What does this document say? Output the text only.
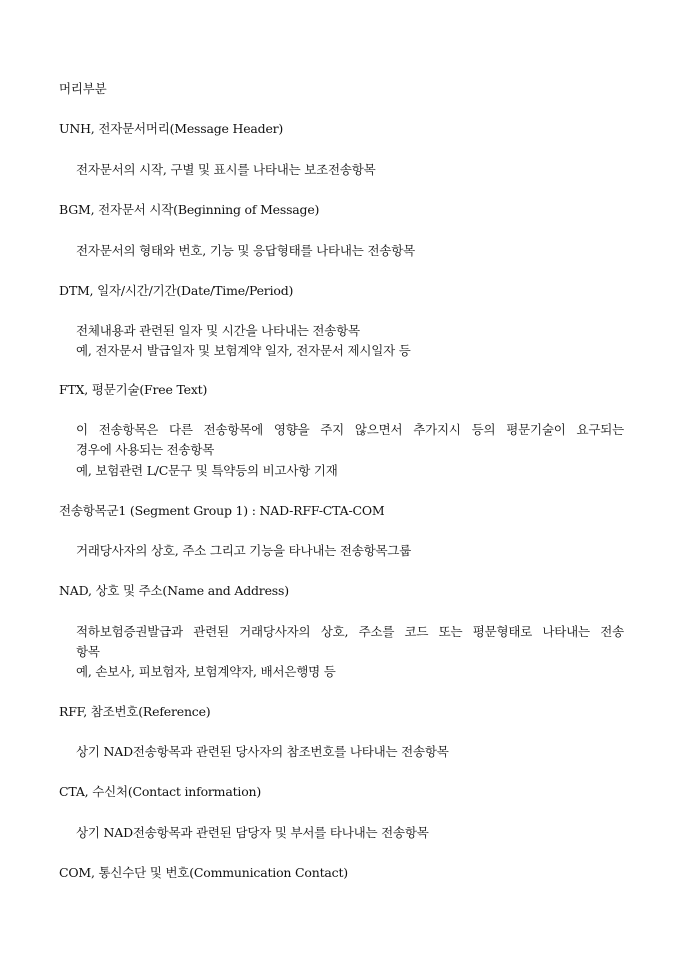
머리부분
UNH, 전자문서머리(Message Header)
전자문서의 시작, 구별 및 표시를 나타내는 보조전송항목
BGM, 전자문서 시작(Beginning of Message)
전자문서의 형태와 번호, 기능 및 응답형태를 나타내는 전송항목
DTM, 일자/시간/기간(Date/Time/Period)
전체내용과 관련된 일자 및 시간을 나타내는 전송항목
예, 전자문서 발급일자 및 보험계약 일자, 전자문서 제시일자 등
FTX, 평문기술(Free Text)
이 전송항목은 다른 전송항목에 영향을 주지 않으면서 추가지시 등의 평문기술이 요구되는
경우에 사용되는 전송항목
예, 보험관련 L/C문구 및 특약등의 비고사항 기재
전송항목군1 (Segment Group 1) : NAD-RFF-CTA-COM
거래당사자의 상호, 주소 그리고 기능을 타나내는 전송항목그룹
NAD, 상호 및 주소(Name and Address)
적하보험증권발급과 관련된 거래당사자의 상호, 주소를 코드 또는 평문형태로 나타내는 전송
항목
예, 손보사, 피보험자, 보험계약자, 배서은행명 등
RFF, 참조번호(Reference)
상기 NAD전송항목과 관련된 당사자의 참조번호를 나타내는 전송항목
CTA, 수신처(Contact information)
상기 NAD전송항목과 관련된 담당자 및 부서를 타나내는 전송항목
COM, 통신수단 및 번호(Communication Contact)
